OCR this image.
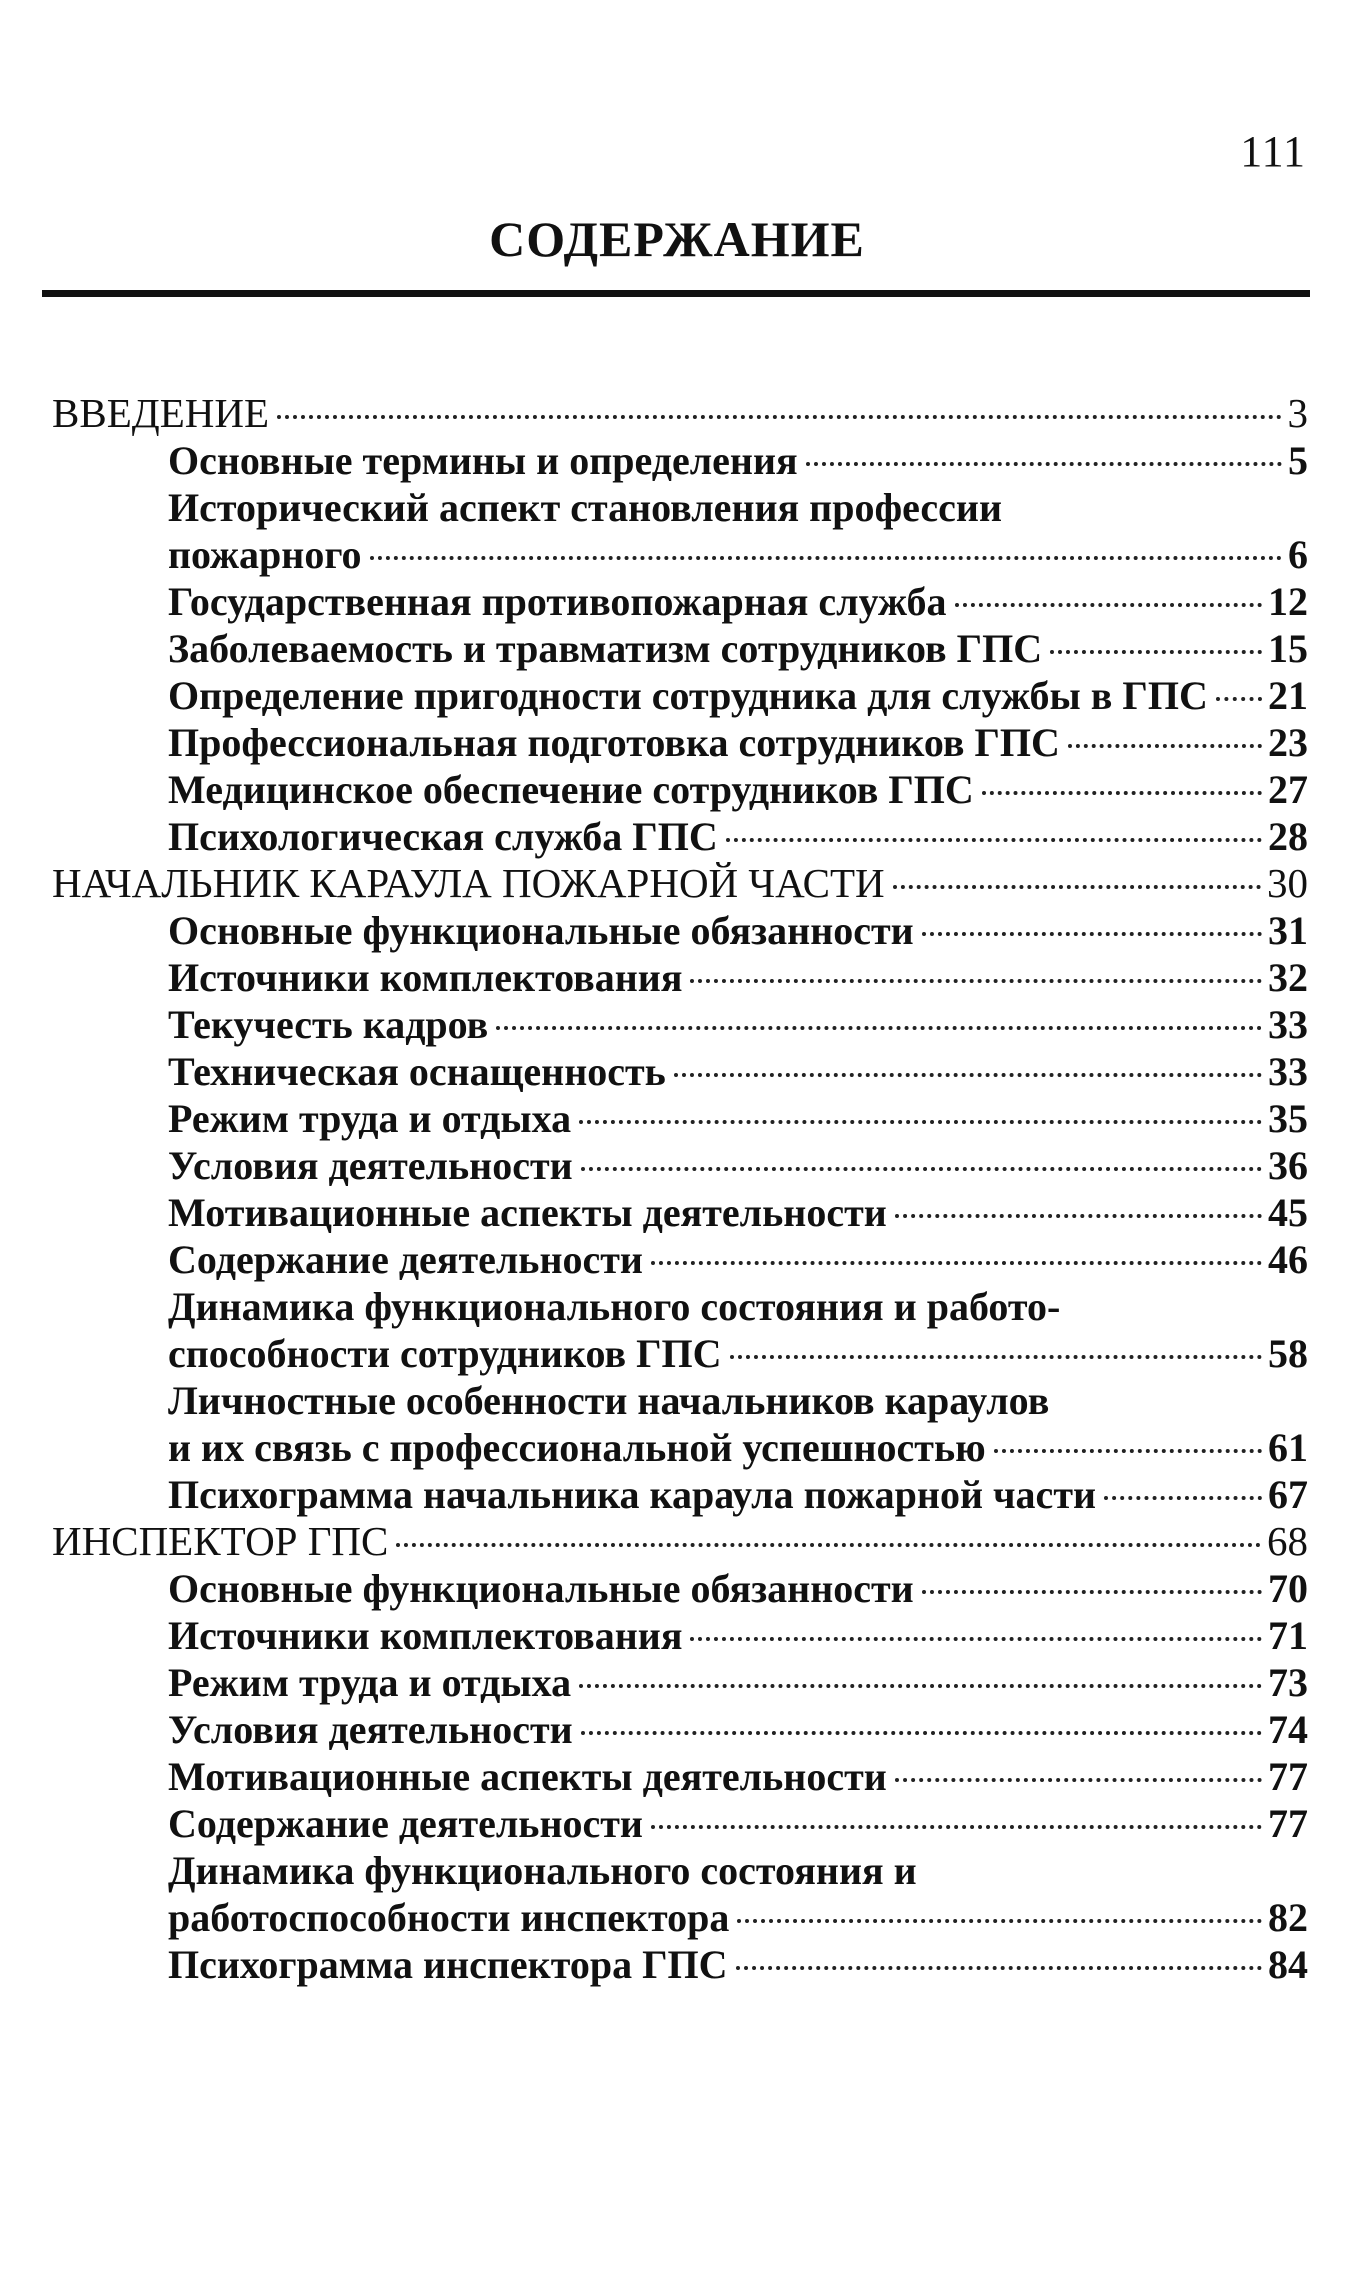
111
СОДЕРЖАНИЕ
ВВЕДЕНИЕ	3
Основные термины и определения	5
Исторический аспект становления профессии
пожарного	6
Государственная противопожарная служба	12
Заболеваемость и травматизм сотрудников ГПС	15
Определение пригодности сотрудника для службы в ГПС 21
Профессиональная подготовка сотрудников ГПС	23
Медицинское обеспечение сотрудников ГПС	27
Психологическая служба ГПС	28
НАЧАЛЬНИК КАРАУЛА ПОЖАРНОЙ ЧАСТИ	30
Основные функциональные обязанности	31
Источники комплектования	32
Текучесть кадров	33
Техническая оснащенность	33
Режим труда и отдыха	35
Условия деятельности	36
Мотивационные аспекты деятельности	45
Содержание деятельности	46
Динамика функционального состояния и работо-
способности сотрудников ГПС	58
Личностные особенности начальников караулов
и их связь с профессиональной успешностью	61
Психограмма начальника караула пожарной части	67
ИНСПЕКТОР ГПС	68
Основные функциональные обязанности	70
Источники комплектования	71
Режим труда и отдыха	73
Условия деятельности	74
Мотивационные аспекты деятельности	77
Содержание деятельности	77
Динамика функционального состояния и
работоспособности инспектора	82
Психограмма инспектора ГПС	84
